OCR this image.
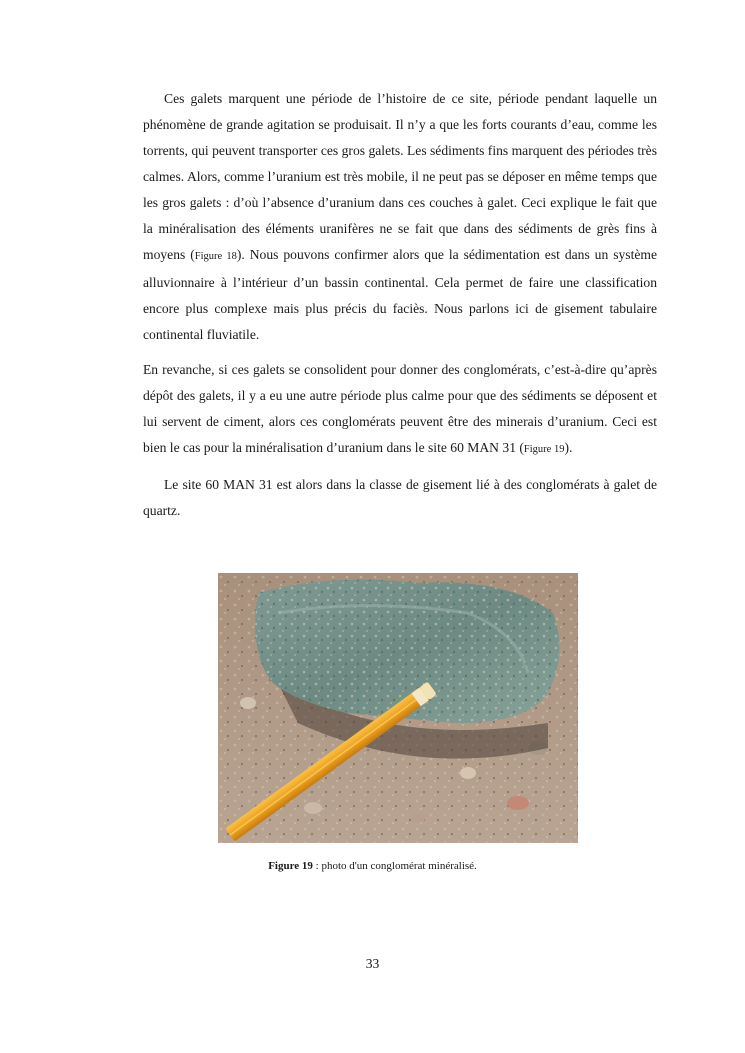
Ces galets marquent une période de l’histoire de ce site, période pendant laquelle un phénomène de grande agitation se produisait. Il n’y a que les forts courants d’eau, comme les torrents, qui peuvent transporter ces gros galets. Les sédiments fins marquent des périodes très calmes. Alors, comme l’uranium est très mobile, il ne peut pas se déposer en même temps que les gros galets : d’où l’absence d’uranium dans ces couches à galet. Ceci explique le fait que la minéralisation des éléments uranifères ne se fait que dans des sédiments de grès fins à moyens (Figure 18). Nous pouvons confirmer alors que la sédimentation est dans un système alluvionnaire à l’intérieur d’un bassin continental. Cela permet de faire une classification encore plus complexe mais plus précis du faciès. Nous parlons ici de gisement tabulaire continental fluviatile.

En revanche, si ces galets se consolident pour donner des conglomérats, c’est-à-dire qu’après dépôt des galets, il y a eu une autre période plus calme pour que des sédiments se déposent et lui servent de ciment, alors ces conglomérats peuvent être des minerais d’uranium. Ceci est bien le cas pour la minéralisation d’uranium dans le site 60 MAN 31 (Figure 19).

Le site 60 MAN 31 est alors dans la classe de gisement lié à des conglomérats à galet de quartz.

Figure 19 : photo d'un conglomérat minéralisé.
33
